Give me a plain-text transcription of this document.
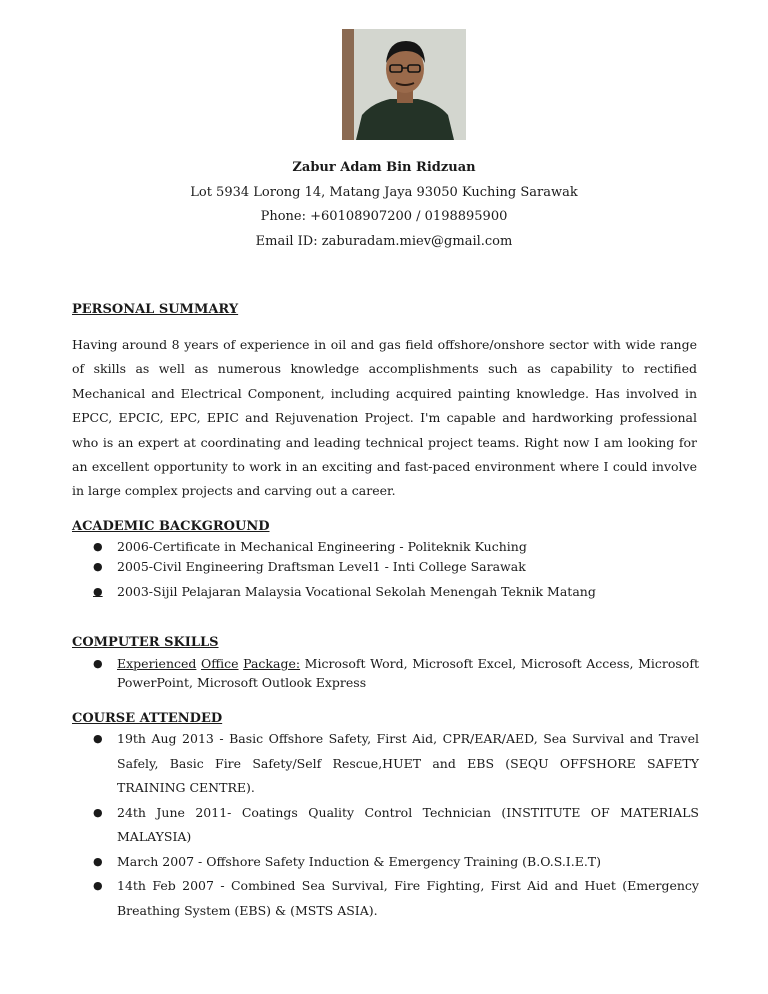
Zabur Adam Bin Ridzuan
Lot 5934 Lorong 14, Matang Jaya 93050 Kuching Sarawak
Phone: +60108907200 / 0198895900
Email ID: zaburadam.miev@gmail.com
PERSONAL SUMMARY

Having around 8 years of experience in oil and gas field offshore/onshore sector with wide range of skills as well as numerous knowledge accomplishments such as capability to rectified Mechanical and Electrical Component, including acquired painting knowledge. Has involved in EPCC, EPCIC, EPC, EPIC and Rejuvenation Project. I'm capable and hardworking professional who is an expert at coordinating and leading technical project teams. Right now I am looking for an excellent opportunity to work in an exciting and fast-paced environment where I could involve in large complex projects and carving out a career.

ACADEMIC BACKGROUND
● 2006-Certificate in Mechanical Engineering - Politeknik Kuching
● 2005-Civil Engineering Draftsman Level1 - Inti College Sarawak
● 2003-Sijil Pelajaran Malaysia Vocational Sekolah Menengah Teknik Matang
COMPUTER SKILLS
● Experienced Office Package: Microsoft Word, Microsoft Excel, Microsoft Access, Microsoft PowerPoint, Microsoft Outlook Express
COURSE ATTENDED
● 19th Aug 2013 - Basic Offshore Safety, First Aid, CPR/EAR/AED, Sea Survival and Travel Safely, Basic Fire Safety/Self Rescue,HUET and EBS (SEQU OFFSHORE SAFETY TRAINING CENTRE).
● 24th June 2011- Coatings Quality Control Technician (INSTITUTE OF MATERIALS MALAYSIA)
● March 2007 - Offshore Safety Induction & Emergency Training (B.O.S.I.E.T)
● 14th Feb 2007 - Combined Sea Survival, Fire Fighting, First Aid and Huet (Emergency Breathing System (EBS) & (MSTS ASIA).
